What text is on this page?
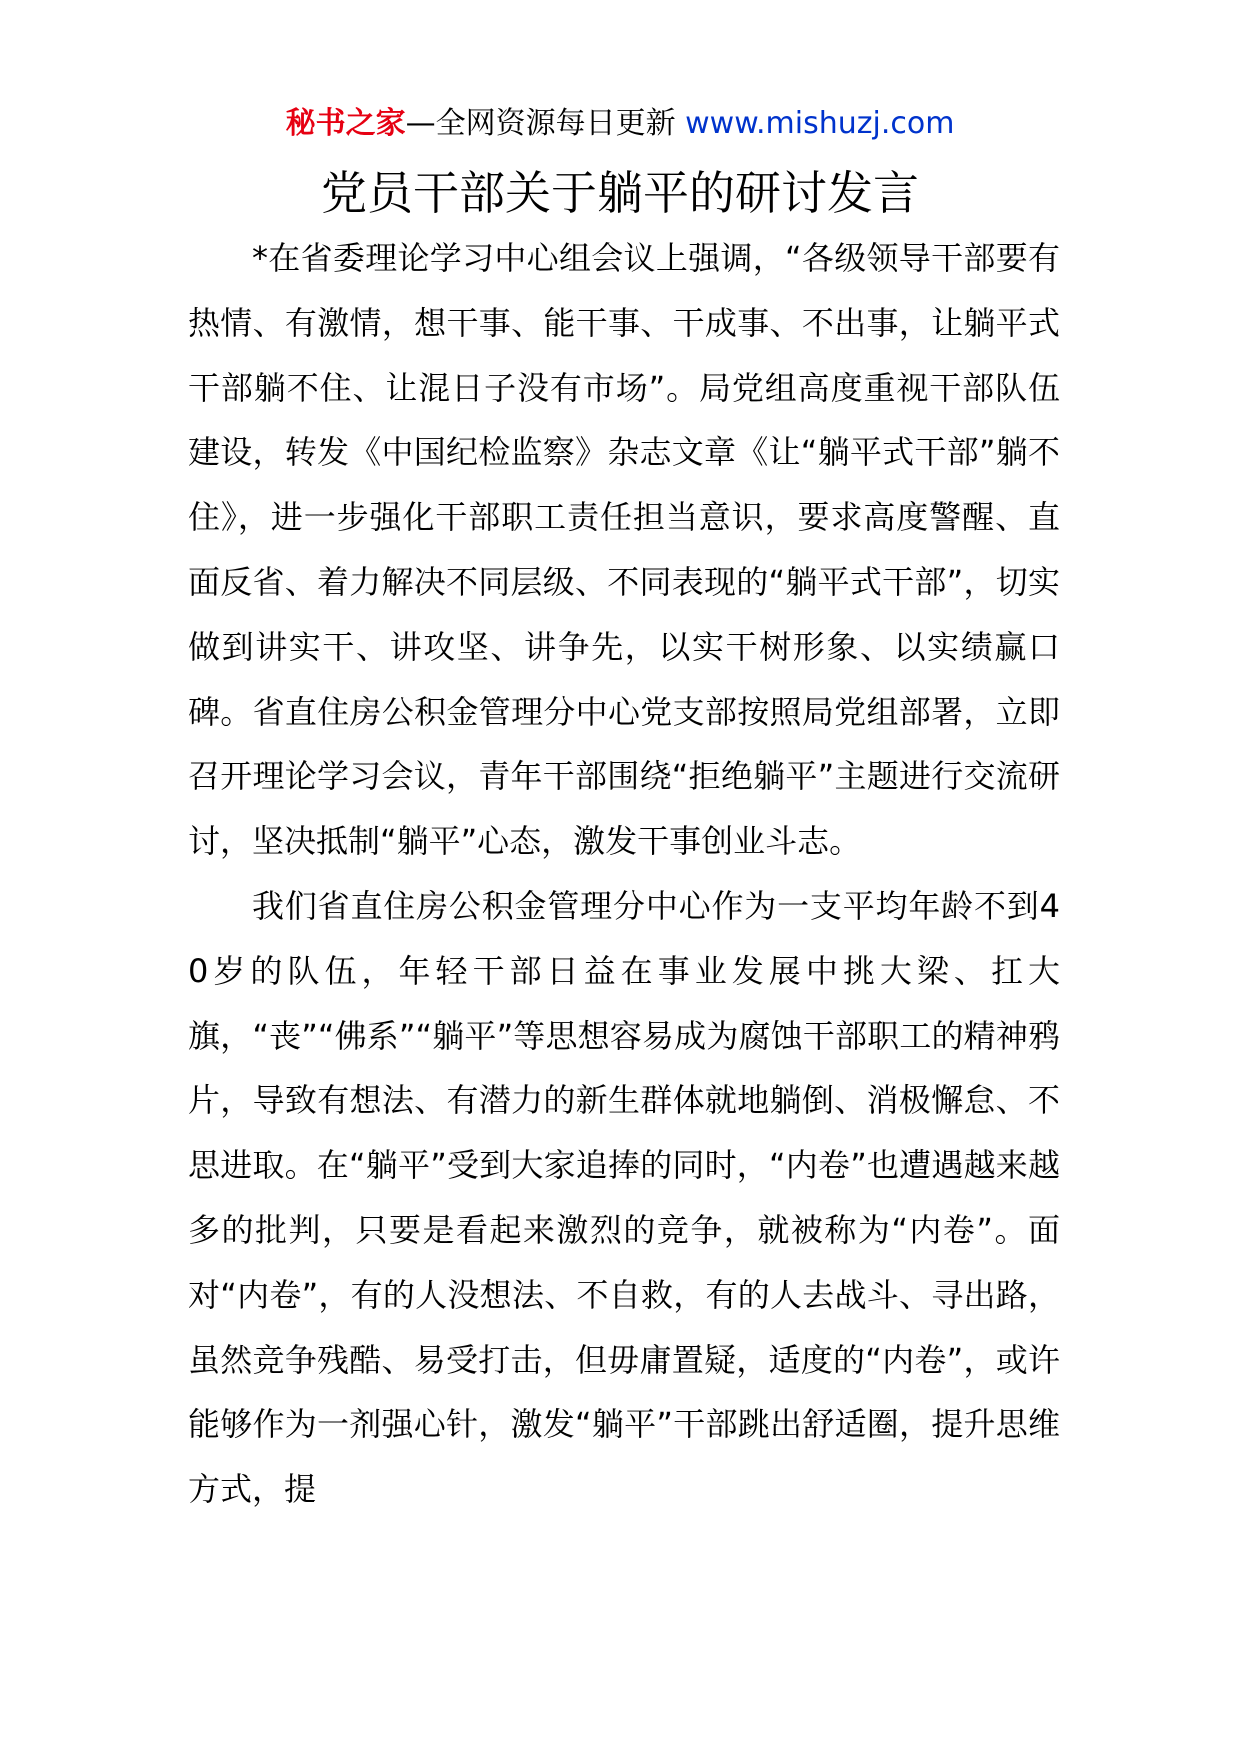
秘书之家—全网资源每日更新 www.mishuzj.com
党员干部关于躺平的研讨发言

*在省委理论学习中心组会议上强调，“各级领导干部要有热情、有激情，想干事、能干事、干成事、不出事，让躺平式干部躺不住、让混日子没有市场”。局党组高度重视干部队伍建设，转发《中国纪检监察》杂志文章《让“躺平式干部”躺不住》，进一步强化干部职工责任担当意识，要求高度警醒、直面反省、着力解决不同层级、不同表现的“躺平式干部”，切实做到讲实干、讲攻坚、讲争先，以实干树形象、以实绩赢口碑。省直住房公积金管理分中心党支部按照局党组部署，立即召开理论学习会议，青年干部围绕“拒绝躺平”主题进行交流研讨，坚决抵制“躺平”心态，激发干事创业斗志。

我们省直住房公积金管理分中心作为一支平均年龄不到40岁的队伍，年轻干部日益在事业发展中挑大梁、扛大旗，“丧”“佛系”“躺平”等思想容易成为腐蚀干部职工的精神鸦片，导致有想法、有潜力的新生群体就地躺倒、消极懈怠、不思进取。在“躺平”受到大家追捧的同时，“内卷”也遭遇越来越多的批判，只要是看起来激烈的竞争，就被称为“内卷”。面对“内卷”，有的人没想法、不自救，有的人去战斗、寻出路，虽然竞争残酷、易受打击，但毋庸置疑，适度的“内卷”，或许能够作为一剂强心针，激发“躺平”干部跳出舒适圈，提升思维方式，提
